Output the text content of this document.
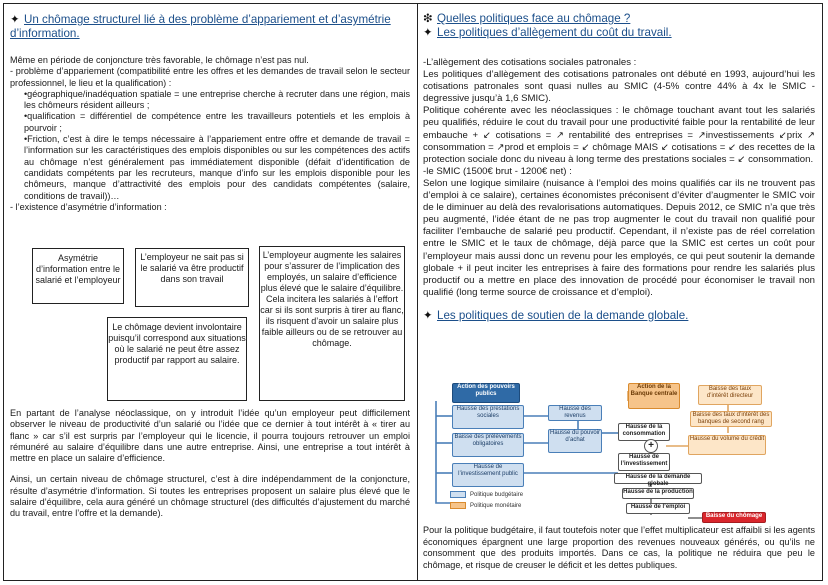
✦ Un chômage structurel lié à des problème d’appariement et d’asymétrie d’information.

Même en période de conjoncture très favorable, le chômage n’est pas nul.

- problème d’appariement (compatibilité entre les offres et les demandes de travail selon le secteur professionnel, le lieu et la qualification) :

•géographique/inadéquation spatiale = une entreprise cherche à recruter dans une région, mais les chômeurs résident ailleurs ;

•qualification = différentiel de compétence entre les travailleurs potentiels et les emplois à pourvoir ;

•Friction, c’est à dire le temps nécessaire à l’appariement entre offre et demande de travail = l’information sur les caractéristiques des emplois disponibles ou sur les compétences des actifs au chômage n’est généralement pas immédiatement disponible (défait d’identification de candidats compétents par les recruteurs, manque d’info sur les emplois disponible pour les chômeurs, manque d’attractivité des emplois pour des candidats compétentes (salaire, conditions de travail))…

- l’existence d’asymétrie d’information :

Asymétrie d’information entre le salarié et l’employeur
L’employeur ne sait pas si le salarié va être productif dans son travail
L’employeur augmente les salaires pour s’assurer de l’implication des employés, un salaire d’efficience plus élevé que le salaire d’équilibre. Cela incitera les salariés à l’effort car si ils sont surpris à tirer au flanc, ils risquent d’avoir un salaire plus faible ailleurs ou de se retrouver au chômage.
Le chômage devient involontaire puisqu’il correspond aux situations où le salarié ne peut être assez productif par rapport au salaire.

En partant de l’analyse néoclassique, on y introduit l’idée qu’un employeur peut difficilement observer le niveau de productivité d’un salarié ou l’idée que ce dernier à tout intérêt à « tirer au flanc » car s’il est surpris par l’employeur qui le licencie, il pourra toujours retrouver un emploi rémunéré au salaire d’équilibre dans une autre entreprise. Ainsi, une entreprise a tout intérêt à mettre en place un salaire d’efficience.

Ainsi, un certain niveau de chômage structurel, c’est à dire indépendamment de la conjoncture, résulte d’asymétrie d’information. Si toutes les entreprises proposent un salaire plus élevé que le salaire d’équilibre, cela aura généré un chômage structurel (des difficultés d’ajustement du marché du travail, entre l’offre et la demande).

❇ Quelles politiques face au chômage ?
✦ Les politiques d’allègement du coût du travail.

-L’allègement des cotisations sociales patronales :

Les politiques d’allègement des cotisations patronales ont débuté en 1993, aujourd’hui les cotisations patronales sont quasi nulles au SMIC (4-5% contre 44% à 4x le SMIC - degressive jusqu’à 1,6 SMIC).

Politique cohérente avec les néoclassiques : le chômage touchant avant tout les salariés peu qualifiés, réduire le cout du travail pour une productivité faible pour la rentabilité de leur embauche + ↙ cotisations = ↗ rentabilité des entreprises = ↗investissements ↙prix ↗ consommation = ↗prod et emplois = ↙ chômage MAIS ↙ cotisations = ↙ des recettes de la protection sociale donc du niveau à long terme des prestations sociales = ↙ consommation.

-le SMIC (1500€ brut - 1200€ net) :

Selon une logique similaire (nuisance à l’emploi des moins qualifiés car ils ne trouvent pas d’emploi à ce salaire), certaines économistes préconisent d’éviter d’augmenter le SMIC voir de le diminuer au delà des revalorisations automatiques. Depuis 2012, ce SMIC n’a que très peu augmenté, l’idée étant de ne pas trop augmenter le cout du travail non qualifié pour faciliter l’embauche de salarié peu productif. Cependant, il n’existe pas de réel correlation entre le SMIC et le taux de chômage, déjà parce que la SMIC est certes un coût pour l’employeur mais aussi donc un revenu pour les employés, ce qui peut soutenir la demande globale + il peut inciter les entreprises à faire des formations pour rendre les salariés plus productif ou a mettre en place des innovation de procédé pour économiser le travail non qualifié (long terme source de croissance et d’emploi).

✦ Les politiques de soutien de la demande globale.
Action des pouvoirs publics
Hausse des prestations sociales
Baisse des prélèvements obligatoires
Hausse de l’investissement public
Hausse des revenus
Hausse du pouvoir d’achat
Action de la Banque centrale
Baisse des taux d’intérêt directeur
Baisse des taux d’intérêt des banques de second rang
Hausse du volume du crédit
Hausse de la consommation
Hausse de l’investissement
+
Hausse de la demande globale
Hausse de la production
Hausse de l’emploi
Baisse du chômage
Politique budgétaire
Politique monétaire

Pour la politique budgétaire, il faut toutefois noter que l’effet multiplicateur est affaibli si les agents économiques épargnent une large proportion des revenues nouveaux générés, ou qu’ils ne consomment que des produits importés. Dans ce cas, la politique ne réduira que peu le chômage, et risque de creuser le déficit et les dettes publiques.
